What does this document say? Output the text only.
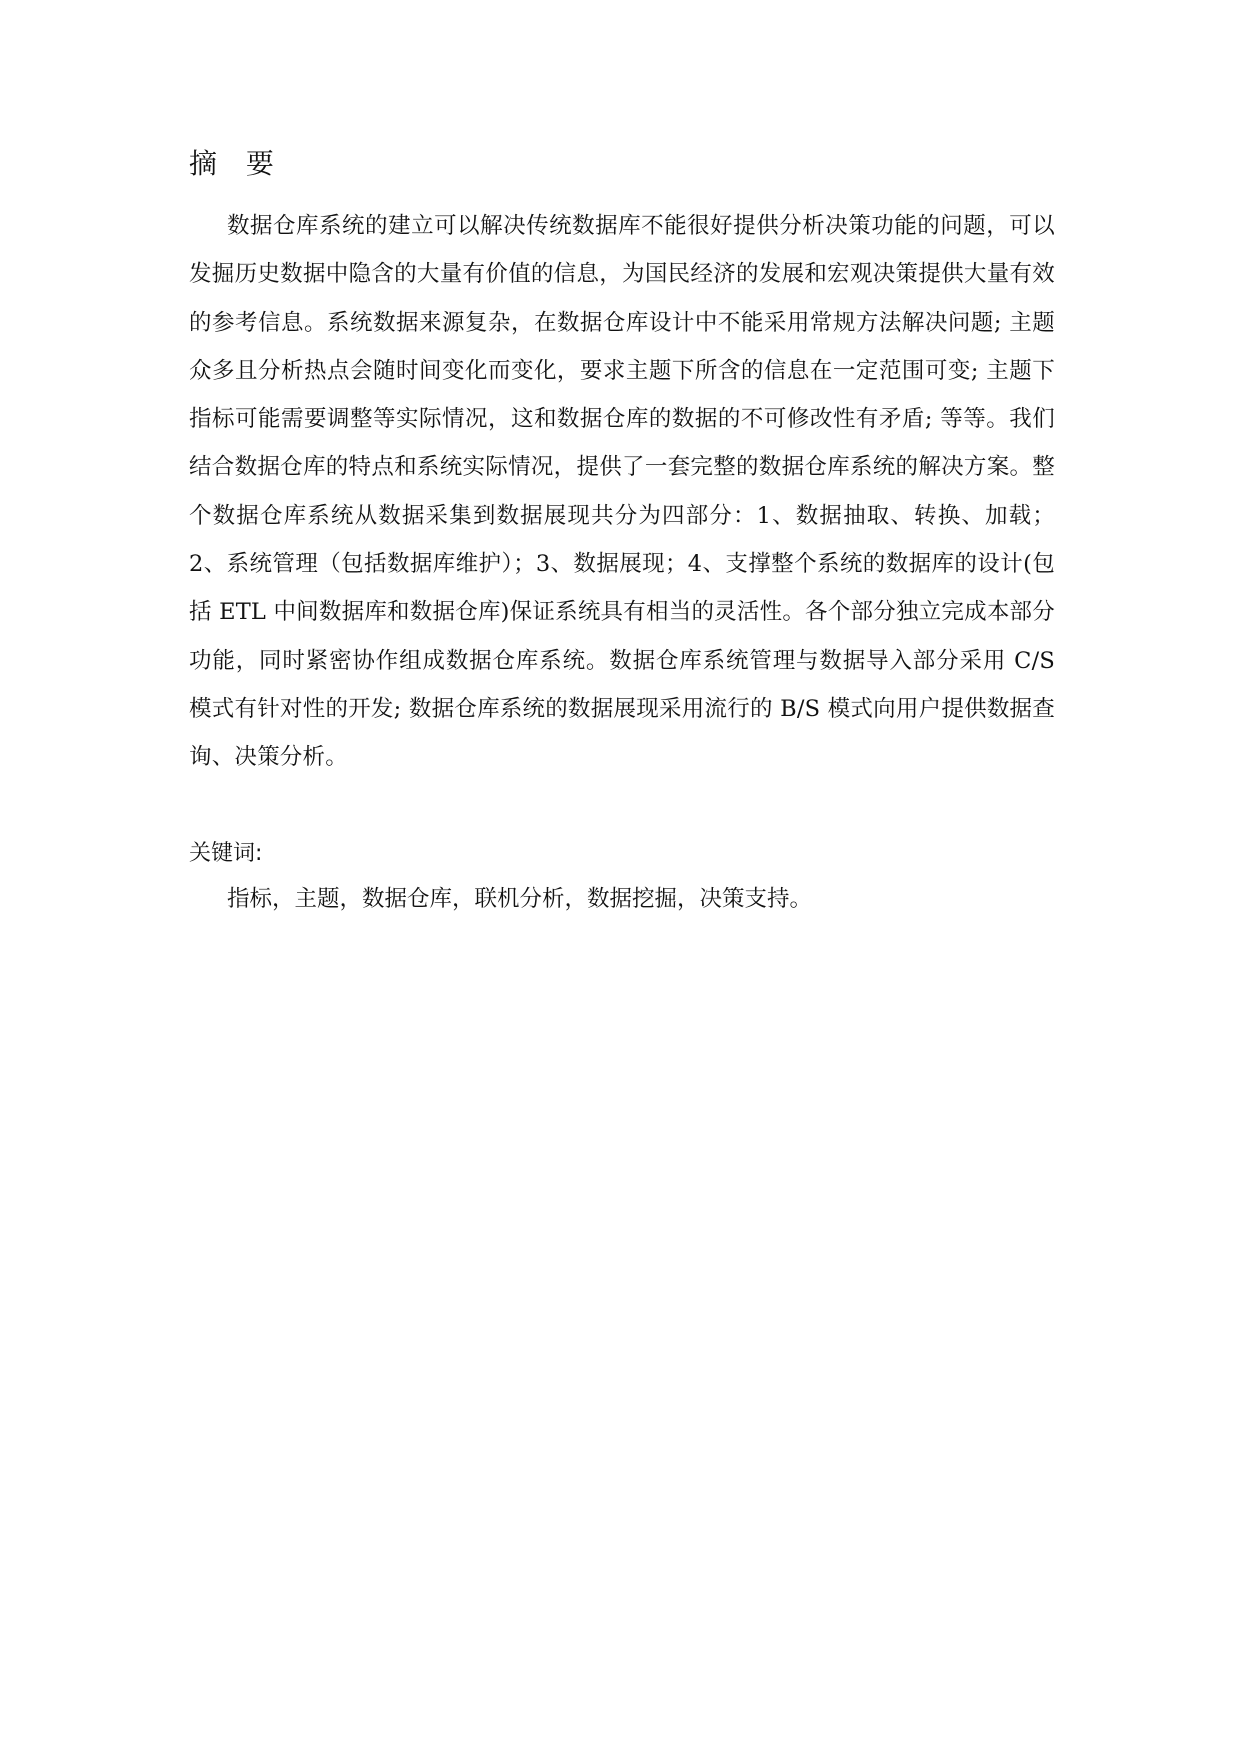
摘 要

数据仓库系统的建立可以解决传统数据库不能很好提供分析决策功能的问题，可以发掘历史数据中隐含的大量有价值的信息，为国民经济的发展和宏观决策提供大量有效的参考信息。系统数据来源复杂，在数据仓库设计中不能采用常规方法解决问题; 主题众多且分析热点会随时间变化而变化，要求主题下所含的信息在一定范围可变; 主题下指标可能需要调整等实际情况，这和数据仓库的数据的不可修改性有矛盾; 等等。我们结合数据仓库的特点和系统实际情况，提供了一套完整的数据仓库系统的解决方案。整个数据仓库系统从数据采集到数据展现共分为四部分：1、数据抽取、转换、加载；2、系统管理（包括数据库维护）；3、数据展现；4、支撑整个系统的数据库的设计(包括 ETL 中间数据库和数据仓库)保证系统具有相当的灵活性。各个部分独立完成本部分功能，同时紧密协作组成数据仓库系统。数据仓库系统管理与数据导入部分采用 C/S 模式有针对性的开发; 数据仓库系统的数据展现采用流行的 B/S 模式向用户提供数据查询、决策分析。

关键词:

指标，主题，数据仓库，联机分析，数据挖掘，决策支持。
